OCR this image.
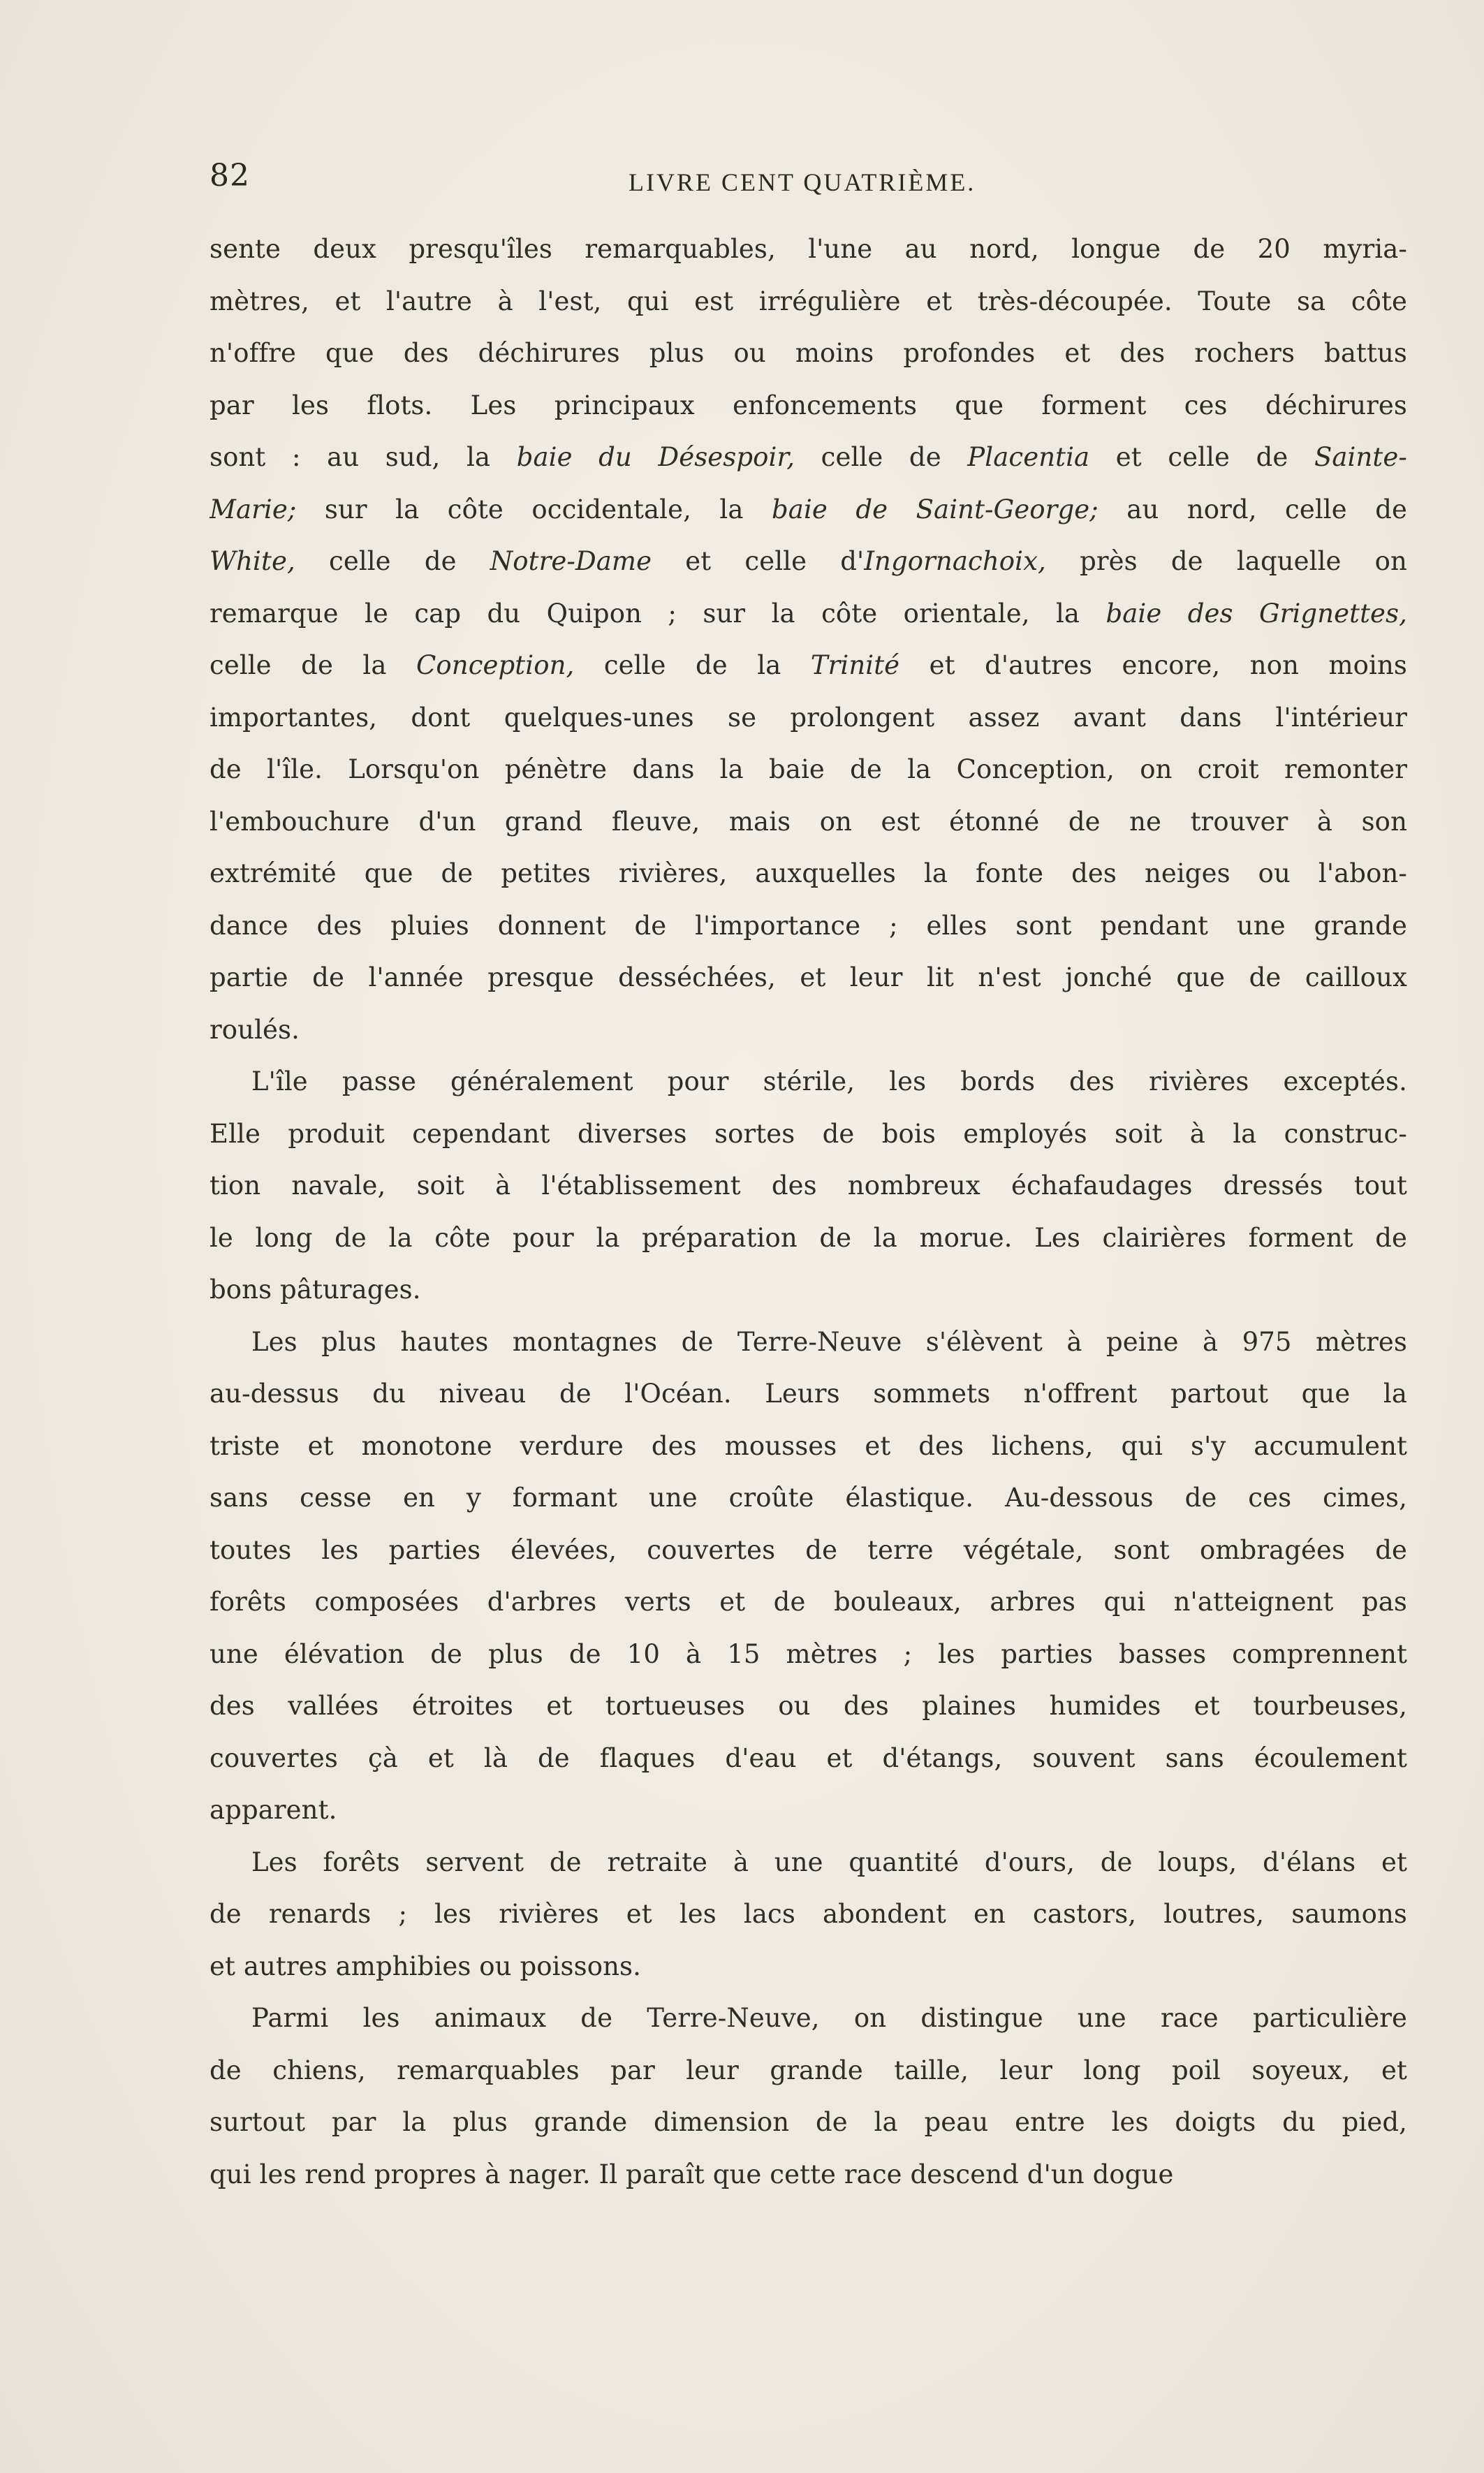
82	LIVRE CENT QUATRIÈME.
sente deux presqu'îles remarquables, l'une au nord, longue de 20 myria-
mètres, et l'autre à l'est, qui est irrégulière et très-découpée. Toute sa côte
n'offre que des déchirures plus ou moins profondes et des rochers battus
par les flots. Les principaux enfoncements que forment ces déchirures
sont : au sud, la baie du Désespoir, celle de Placentia et celle de Sainte-
Marie; sur la côte occidentale, la baie de Saint-George; au nord, celle de
White, celle de Notre-Dame et celle d'Ingornachoix, près de laquelle on
remarque le cap du Quipon ; sur la côte orientale, la baie des Grignettes,
celle de la Conception, celle de la Trinité et d'autres encore, non moins
importantes, dont quelques-unes se prolongent assez avant dans l'intérieur
de l'île. Lorsqu'on pénètre dans la baie de la Conception, on croit remonter
l'embouchure d'un grand fleuve, mais on est étonné de ne trouver à son
extrémité que de petites rivières, auxquelles la fonte des neiges ou l'abon-
dance des pluies donnent de l'importance ; elles sont pendant une grande
partie de l'année presque desséchées, et leur lit n'est jonché que de cailloux
roulés.
L'île passe généralement pour stérile, les bords des rivières exceptés.
Elle produit cependant diverses sortes de bois employés soit à la construc-
tion navale, soit à l'établissement des nombreux échafaudages dressés tout
le long de la côte pour la préparation de la morue. Les clairières forment de
bons pâturages.
Les plus hautes montagnes de Terre-Neuve s'élèvent à peine à 975 mètres
au-dessus du niveau de l'Océan. Leurs sommets n'offrent partout que la
triste et monotone verdure des mousses et des lichens, qui s'y accumulent
sans cesse en y formant une croûte élastique. Au-dessous de ces cimes,
toutes les parties élevées, couvertes de terre végétale, sont ombragées de
forêts composées d'arbres verts et de bouleaux, arbres qui n'atteignent pas
une élévation de plus de 10 à 15 mètres ; les parties basses comprennent
des vallées étroites et tortueuses ou des plaines humides et tourbeuses,
couvertes çà et là de flaques d'eau et d'étangs, souvent sans écoulement
apparent.
Les forêts servent de retraite à une quantité d'ours, de loups, d'élans et
de renards ; les rivières et les lacs abondent en castors, loutres, saumons
et autres amphibies ou poissons.
Parmi les animaux de Terre-Neuve, on distingue une race particulière
de chiens, remarquables par leur grande taille, leur long poil soyeux, et
surtout par la plus grande dimension de la peau entre les doigts du pied,
qui les rend propres à nager. Il paraît que cette race descend d'un dogue
